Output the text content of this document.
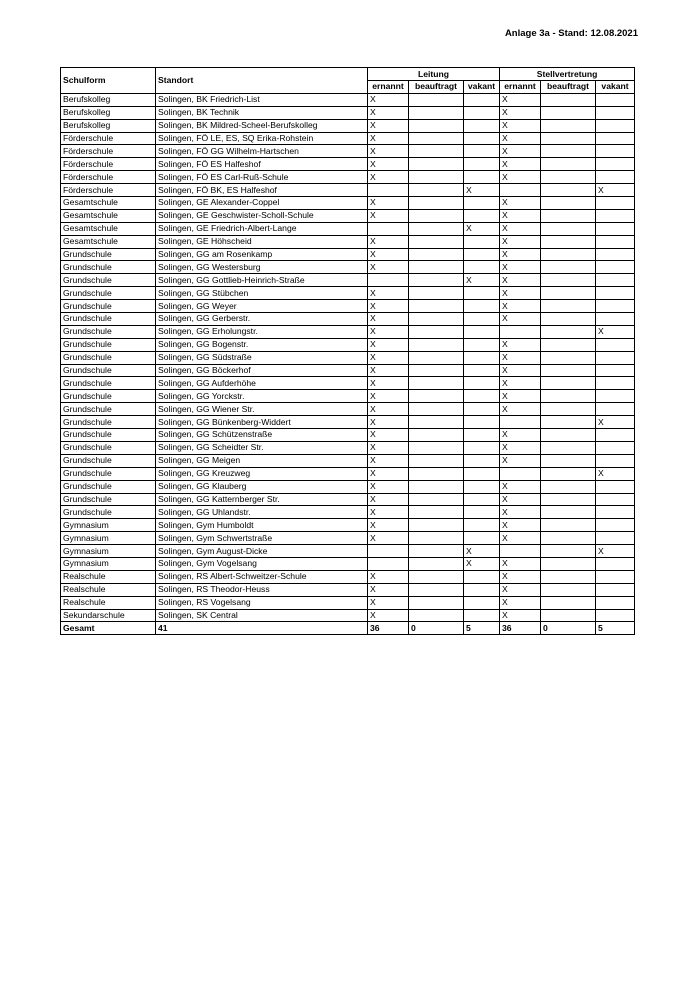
Anlage 3a - Stand: 12.08.2021
Schulform	Standort	Leitung			Stellvertretung		
		ernannt	beauftragt	vakant	ernannt	beauftragt	vakant
Berufskolleg	Solingen, BK Friedrich-List	X			X		
Berufskolleg	Solingen, BK Technik	X			X		
Berufskolleg	Solingen, BK Mildred-Scheel-Berufskolleg	X			X		
Förderschule	Solingen, FÖ LE, ES, SQ Erika-Rohstein	X			X		
Förderschule	Solingen, FÖ GG Wilhelm-Hartschen	X			X		
Förderschule	Solingen, FÖ ES Halfeshof	X			X		
Förderschule	Solingen, FÖ ES Carl-Ruß-Schule	X			X		
Förderschule	Solingen, FÖ BK, ES Halfeshof			X			X
Gesamtschule	Solingen, GE Alexander-Coppel	X			X		
Gesamtschule	Solingen, GE Geschwister-Scholl-Schule	X			X		
Gesamtschule	Solingen, GE Friedrich-Albert-Lange			X	X		
Gesamtschule	Solingen, GE Höhscheid	X			X		
Grundschule	Solingen, GG am Rosenkamp	X			X		
Grundschule	Solingen, GG Westersburg	X			X		
Grundschule	Solingen, GG Gottlieb-Heinrich-Straße			X	X		
Grundschule	Solingen, GG Stübchen	X			X		
Grundschule	Solingen, GG Weyer	X			X		
Grundschule	Solingen, GG Gerberstr.	X			X		
Grundschule	Solingen, GG Erholungstr.	X					X
Grundschule	Solingen, GG Bogenstr.	X			X		
Grundschule	Solingen, GG Südstraße	X			X		
Grundschule	Solingen, GG Böckerhof	X			X		
Grundschule	Solingen, GG Aufderhöhe	X			X		
Grundschule	Solingen, GG Yorckstr.	X			X		
Grundschule	Solingen, GG Wiener Str.	X			X		
Grundschule	Solingen, GG Bünkenberg-Widdert	X					X
Grundschule	Solingen, GG Schützenstraße	X			X		
Grundschule	Solingen, GG Scheidter Str.	X			X		
Grundschule	Solingen, GG Meigen	X			X		
Grundschule	Solingen, GG Kreuzweg	X					X
Grundschule	Solingen, GG Klauberg	X			X		
Grundschule	Solingen, GG Katternberger Str.	X			X		
Grundschule	Solingen, GG Uhlandstr.	X			X		
Gymnasium	Solingen, Gym Humboldt	X			X		
Gymnasium	Solingen, Gym Schwertstraße	X			X		
Gymnasium	Solingen, Gym August-Dicke			X			X
Gymnasium	Solingen, Gym Vogelsang			X	X		
Realschule	Solingen, RS Albert-Schweitzer-Schule	X			X		
Realschule	Solingen, RS Theodor-Heuss	X			X		
Realschule	Solingen, RS Vogelsang	X			X		
Sekundarschule	Solingen, SK Central	X			X		
Gesamt	41	36	0	5	36	0	5
